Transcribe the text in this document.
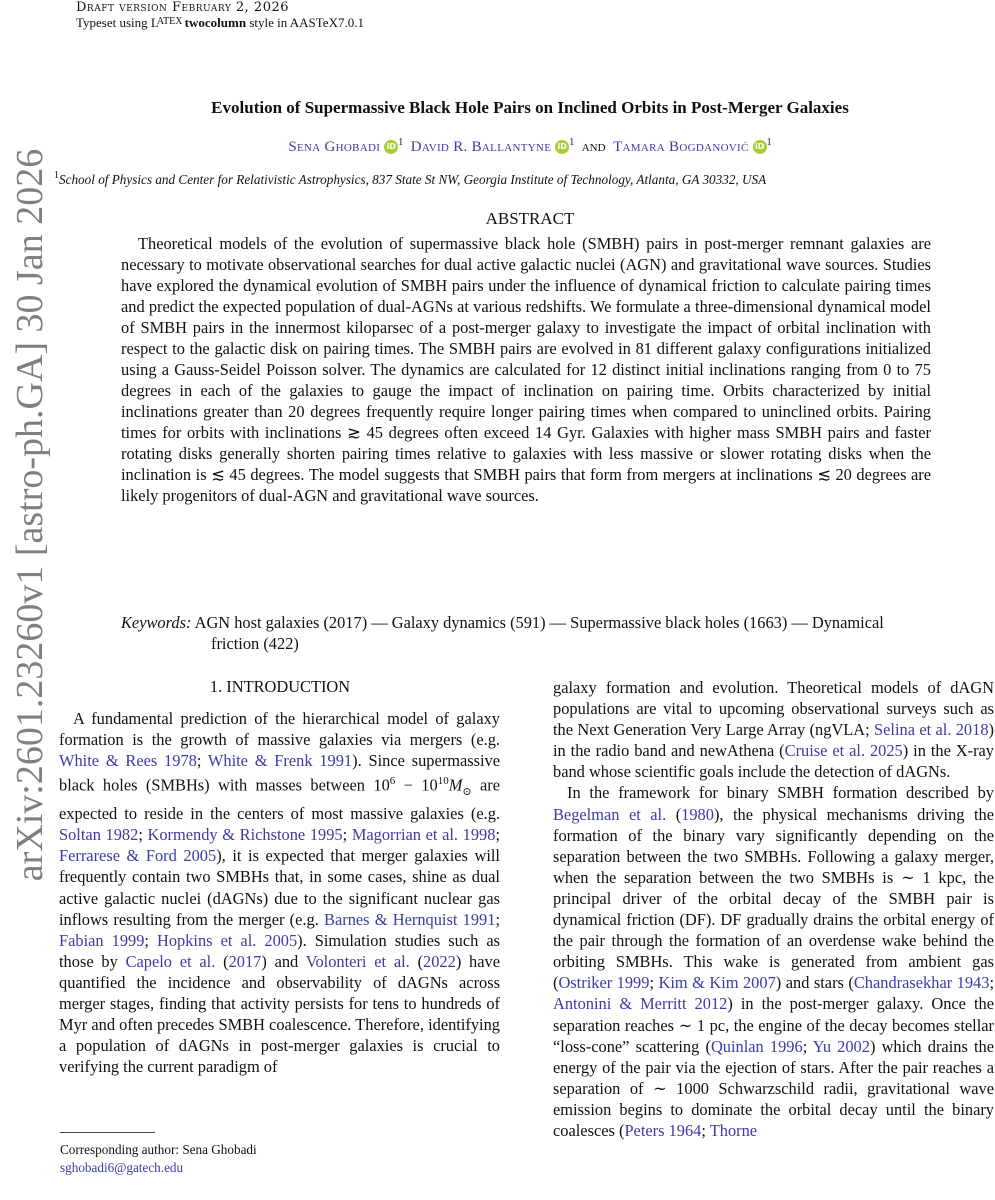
Draft version February 2, 2026
Typeset using $L^{ATEX}$ twocolumn style in AASTeX7.0.1
arXiv:2601.23260v1 [astro-ph.GA] 30 Jan 2026
Evolution of Supermassive Black Hole Pairs on Inclined Orbits in Post-Merger Galaxies
Sena Ghobadi iD $^1$ David R. Ballantyne iD $^1$ and Tamara Bogdanović iD $^1$
$^1$School of Physics and Center for Relativistic Astrophysics, 837 State St NW, Georgia Institute of Technology, Atlanta, GA 30332, USA
ABSTRACT
Theoretical models of the evolution of supermassive black hole (SMBH) pairs in post-merger remnant galaxies are necessary to motivate observational searches for dual active galactic nuclei (AGN) and gravitational wave sources. Studies have explored the dynamical evolution of SMBH pairs under the influence of dynamical friction to calculate pairing times and predict the expected population of dual-AGNs at various redshifts. We formulate a three-dimensional dynamical model of SMBH pairs in the innermost kiloparsec of a post-merger galaxy to investigate the impact of orbital inclination with respect to the galactic disk on pairing times. The SMBH pairs are evolved in 81 different galaxy configurations initialized using a Gauss-Seidel Poisson solver. The dynamics are calculated for 12 distinct initial inclinations ranging from 0 to 75 degrees in each of the galaxies to gauge the impact of inclination on pairing time. Orbits characterized by initial inclinations greater than 20 degrees frequently require longer pairing times when compared to uninclined orbits. Pairing times for orbits with inclinations ≳ 45 degrees often exceed 14 Gyr. Galaxies with higher mass SMBH pairs and faster rotating disks generally shorten pairing times relative to galaxies with less massive or slower rotating disks when the inclination is ≲ 45 degrees. The model suggests that SMBH pairs that form from mergers at inclinations ≲ 20 degrees are likely progenitors of dual-AGN and gravitational wave sources.
Keywords: AGN host galaxies (2017) — Galaxy dynamics (591) — Supermassive black holes (1663) — Dynamical friction (422)
1. INTRODUCTION

A fundamental prediction of the hierarchical model of galaxy formation is the growth of massive galaxies via mergers (e.g. White & Rees 1978; White & Frenk 1991). Since supermassive black holes (SMBHs) with masses between $10^6 - 10^{10}M_⊙$ are expected to reside in the centers of most massive galaxies (e.g. Soltan 1982; Kormendy & Richstone 1995; Magorrian et al. 1998; Ferrarese & Ford 2005), it is expected that merger galaxies will frequently contain two SMBHs that, in some cases, shine as dual active galactic nuclei (dAGNs) due to the significant nuclear gas inflows resulting from the merger (e.g. Barnes & Hernquist 1991; Fabian 1999; Hopkins et al. 2005). Simulation studies such as those by Capelo et al. (2017) and Volonteri et al. (2022) have quantified the incidence and observability of dAGNs across merger stages, finding that activity persists for tens to hundreds of Myr and often precedes SMBH coalescence. Therefore, identifying a population of dAGNs in post-merger galaxies is crucial to verifying the current paradigm of

galaxy formation and evolution. Theoretical models of dAGN populations are vital to upcoming observational surveys such as the Next Generation Very Large Array (ngVLA; Selina et al. 2018) in the radio band and newAthena (Cruise et al. 2025) in the X-ray band whose scientific goals include the detection of dAGNs.

In the framework for binary SMBH formation described by Begelman et al. (1980), the physical mechanisms driving the formation of the binary vary significantly depending on the separation between the two SMBHs. Following a galaxy merger, when the separation between the two SMBHs is ∼ 1 kpc, the principal driver of the orbital decay of the SMBH pair is dynamical friction (DF). DF gradually drains the orbital energy of the pair through the formation of an overdense wake behind the orbiting SMBHs. This wake is generated from ambient gas (Ostriker 1999; Kim & Kim 2007) and stars (Chandrasekhar 1943; Antonini & Merritt 2012) in the post-merger galaxy. Once the separation reaches ∼ 1 pc, the engine of the decay becomes stellar “loss-cone” scattering (Quinlan 1996; Yu 2002) which drains the energy of the pair via the ejection of stars. After the pair reaches a separation of ∼ 1000 Schwarzschild radii, gravitational wave emission begins to dominate the orbital decay until the binary coalesces (Peters 1964; Thorne

Corresponding author: Sena Ghobadi
sghobadi6@gatech.edu
